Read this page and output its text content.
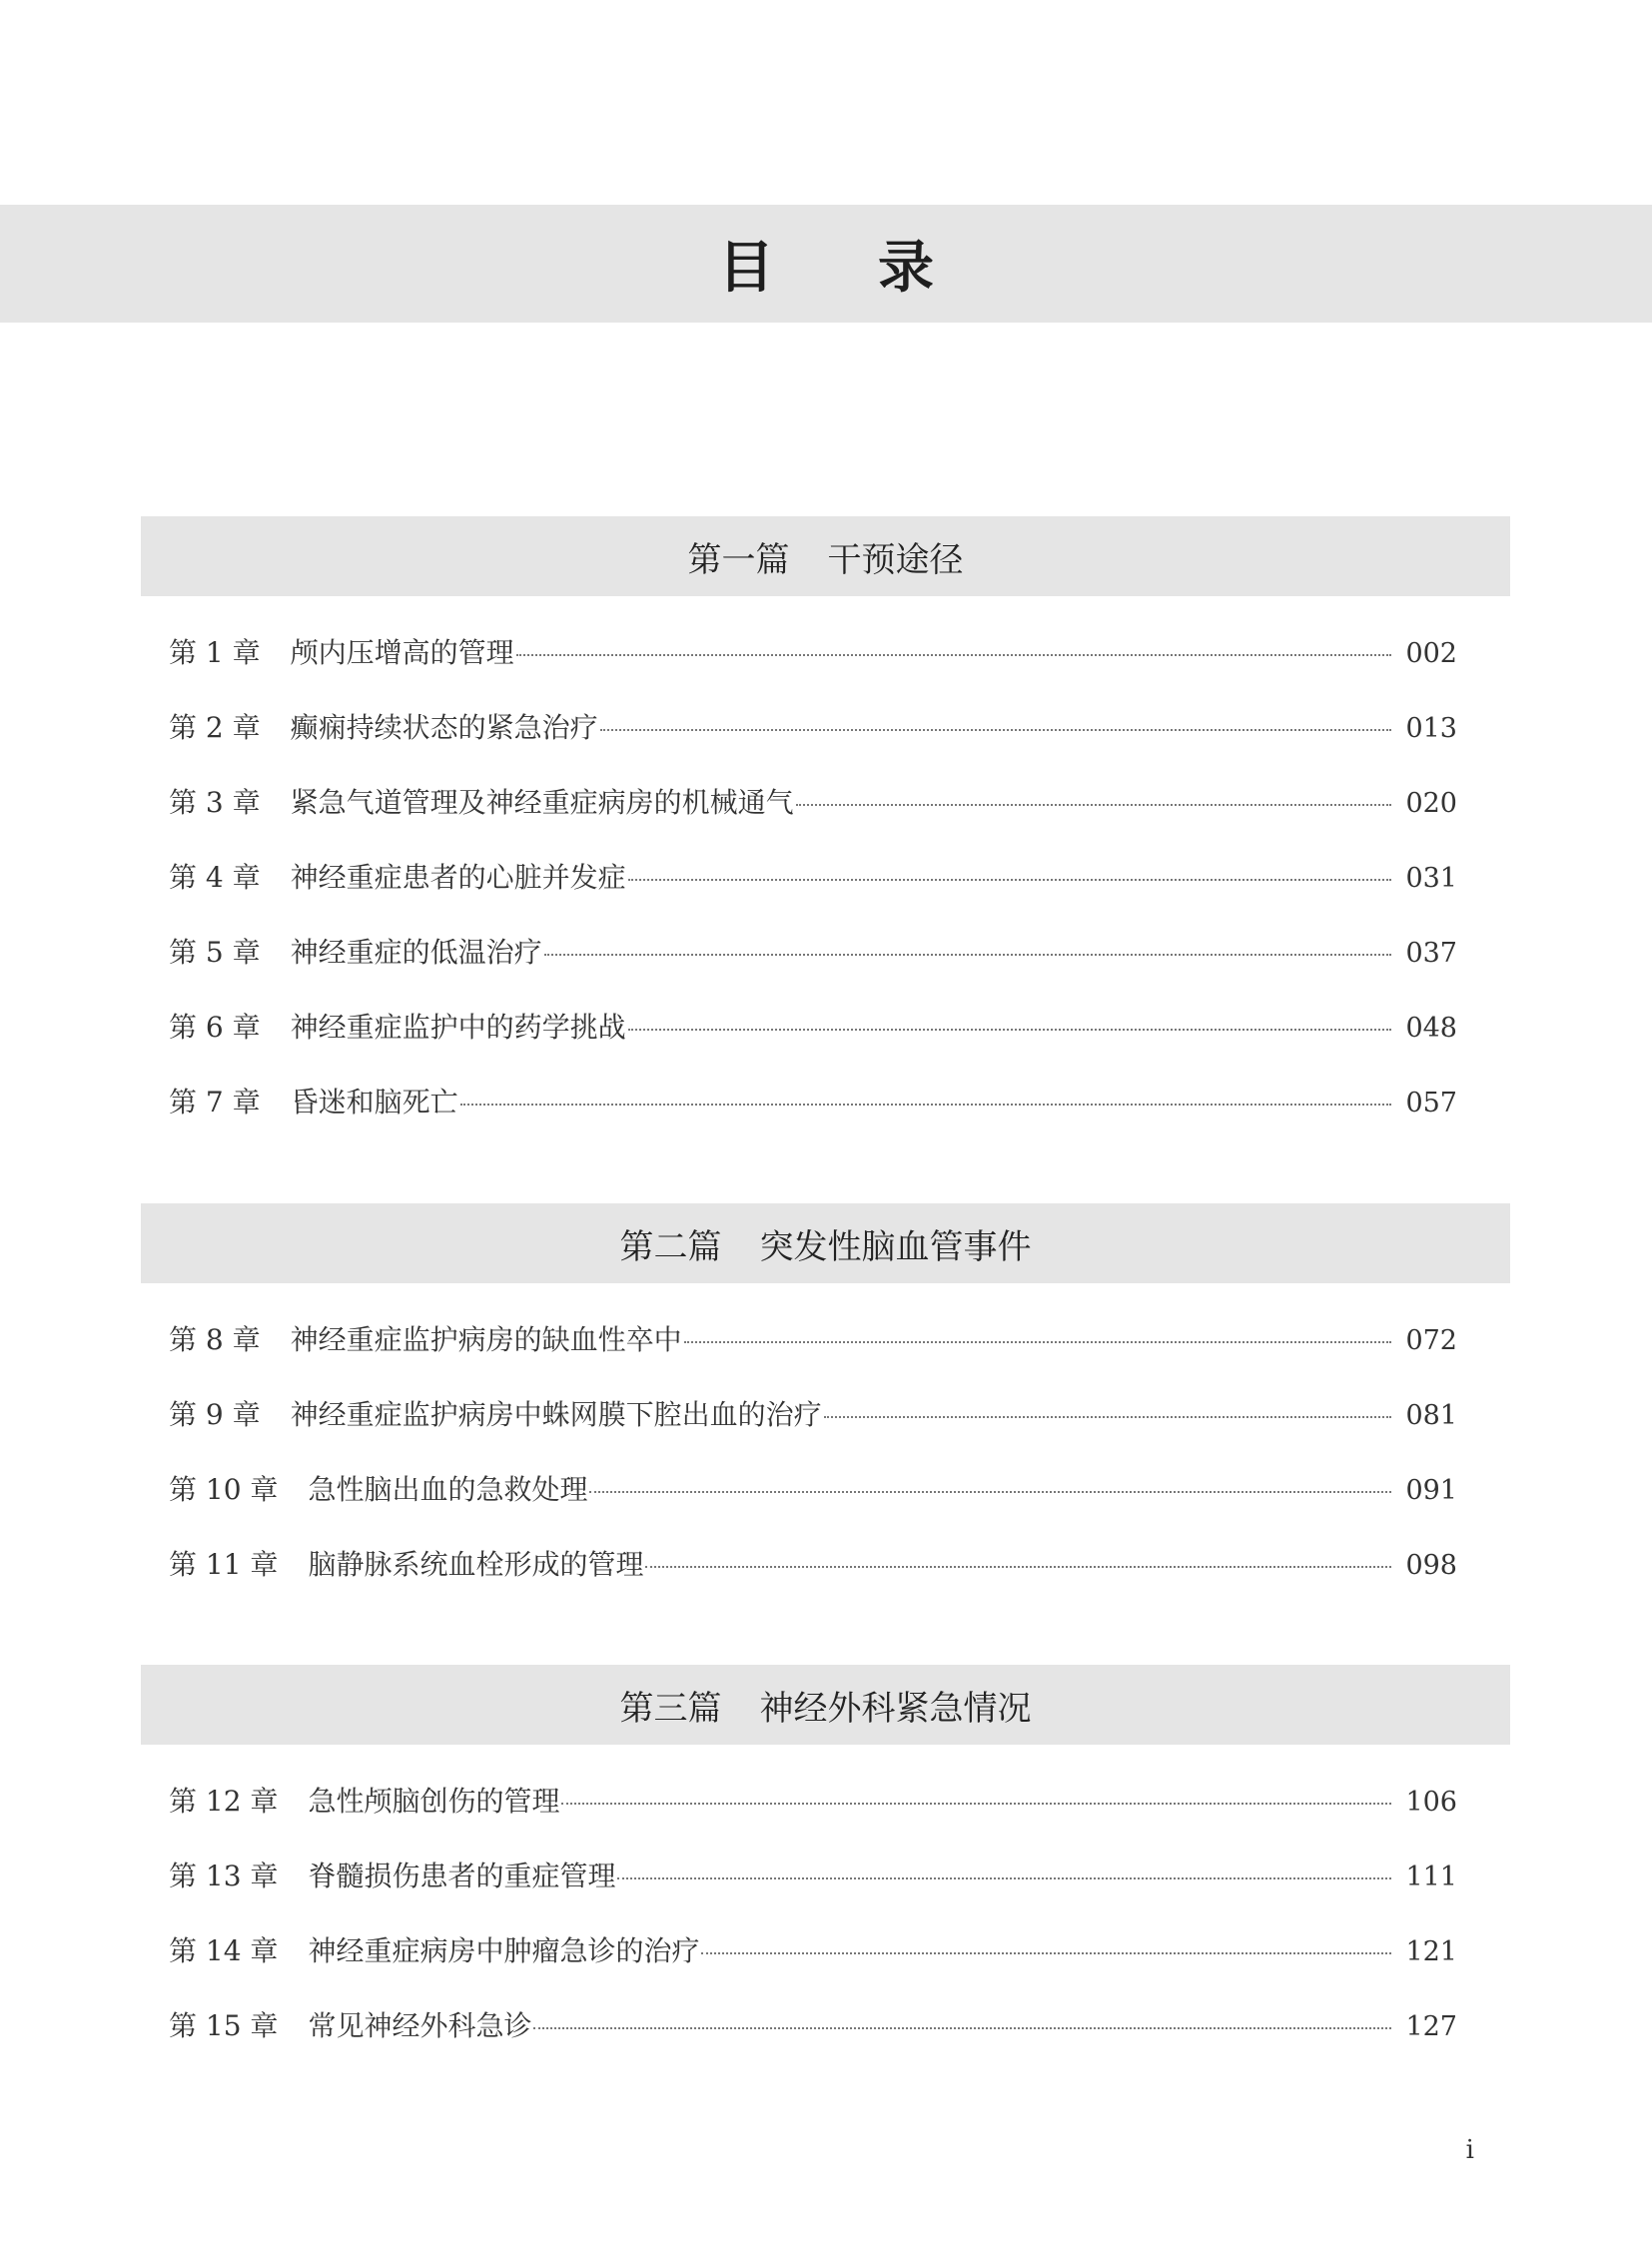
目 录
第一篇 干预途径
第 1 章 颅内压增高的管理	002
第 2 章 癫痫持续状态的紧急治疗	013
第 3 章 紧急气道管理及神经重症病房的机械通气	020
第 4 章 神经重症患者的心脏并发症	031
第 5 章 神经重症的低温治疗	037
第 6 章 神经重症监护中的药学挑战	048
第 7 章 昏迷和脑死亡	057
第二篇 突发性脑血管事件
第 8 章 神经重症监护病房的缺血性卒中	072
第 9 章 神经重症监护病房中蛛网膜下腔出血的治疗	081
第 10 章 急性脑出血的急救处理	091
第 11 章 脑静脉系统血栓形成的管理	098
第三篇 神经外科紧急情况
第 12 章 急性颅脑创伤的管理	106
第 13 章 脊髓损伤患者的重症管理	111
第 14 章 神经重症病房中肿瘤急诊的治疗	121
第 15 章 常见神经外科急诊	127
i
